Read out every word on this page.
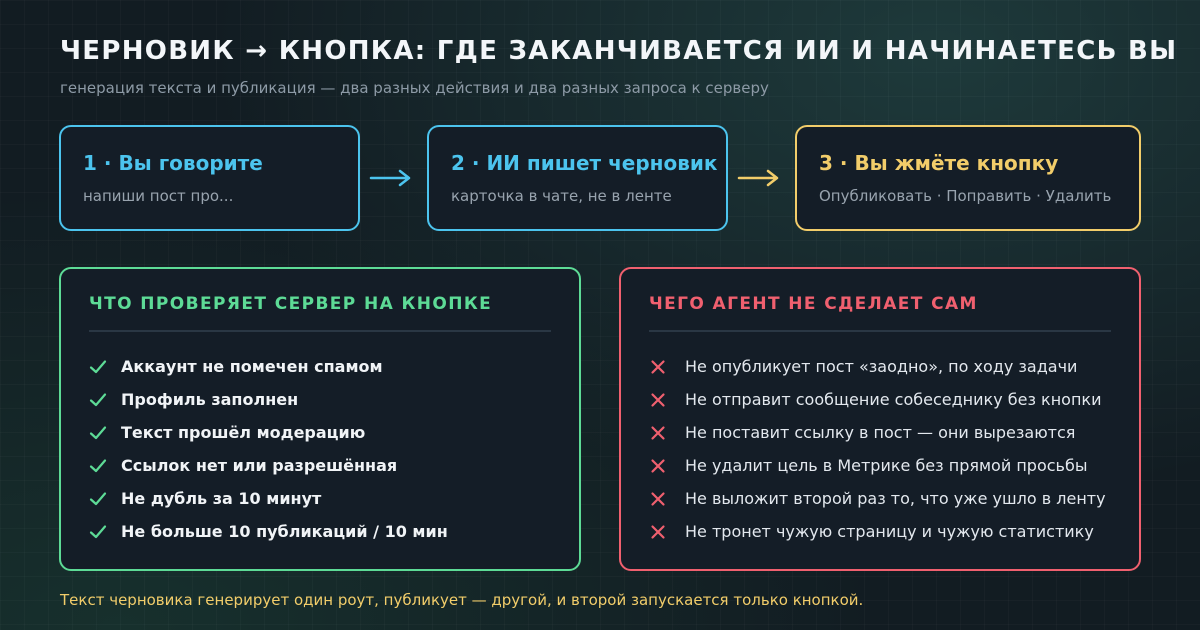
ЧЕРНОВИК → КНОПКА: ГДЕ ЗАКАНЧИВАЕТСЯ ИИ И НАЧИНАЕТЕСЬ ВЫ
генерация текста и публикация — два разных действия и два разных запроса к серверу
1 · Вы говорите
напиши пост про...
2 · ИИ пишет черновик
карточка в чате, не в ленте
3 · Вы жмёте кнопку
Опубликовать · Поправить · Удалить
ЧТО ПРОВЕРЯЕТ СЕРВЕР НА КНОПКЕ
Аккаунт не помечен спамом
Профиль заполнен
Текст прошёл модерацию
Ссылок нет или разрешённая
Не дубль за 10 минут
Не больше 10 публикаций / 10 мин
ЧЕГО АГЕНТ НЕ СДЕЛАЕТ САМ
Не опубликует пост «заодно», по ходу задачи
Не отправит сообщение собеседнику без кнопки
Не поставит ссылку в пост — они вырезаются
Не удалит цель в Метрике без прямой просьбы
Не выложит второй раз то, что уже ушло в ленту
Не тронет чужую страницу и чужую статистику
Текст черновика генерирует один роут, публикует — другой, и второй запускается только кнопкой.
